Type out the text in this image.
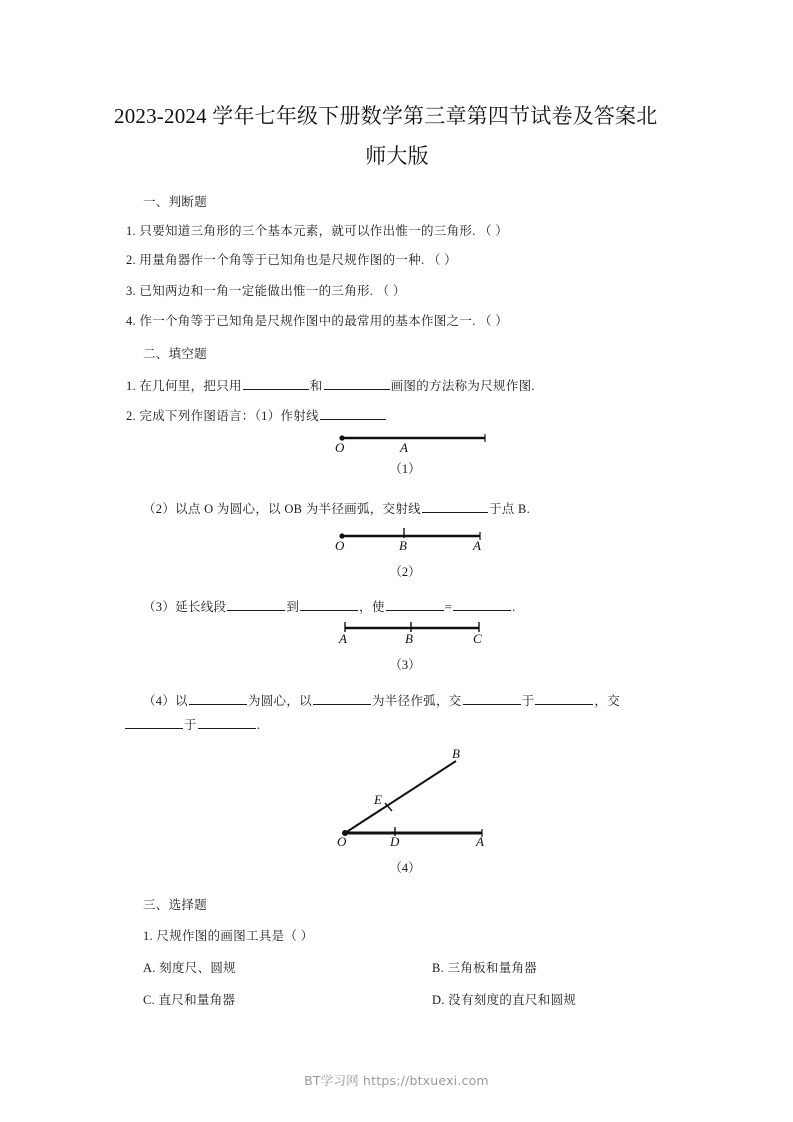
2023-2024 学年七年级下册数学第三章第四节试卷及答案北
师大版
一、判断题
1. 只要知道三角形的三个基本元素，就可以作出惟一的三角形. （ ）
2. 用量角器作一个角等于已知角也是尺规作图的一种. （ ）
3. 已知两边和一角一定能做出惟一的三角形. （ ）
4. 作一个角等于已知角是尺规作图中的最常用的基本作图之一. （ ）
二、填空题
1. 在几何里，把只用	和	画图的方法称为尺规作图.
2. 完成下列作图语言：（1）作射线
O	A
（1）
（2）以点 O 为圆心，以 OB 为半径画弧，交射线	于点 B.
O	B	A
（2）
（3）延长线段	到	，使	=	.
A	B	C
（3）
（4）以	为圆心，以	为半径作弧，交	于	，交
于	.
O	D	A
E
B
（4）
三、选择题
1. 尺规作图的画图工具是（ ）
A. 刻度尺、圆规	B. 三角板和量角器
C. 直尺和量角器	D. 没有刻度的直尺和圆规
BT学习网 https://btxuexi.com
